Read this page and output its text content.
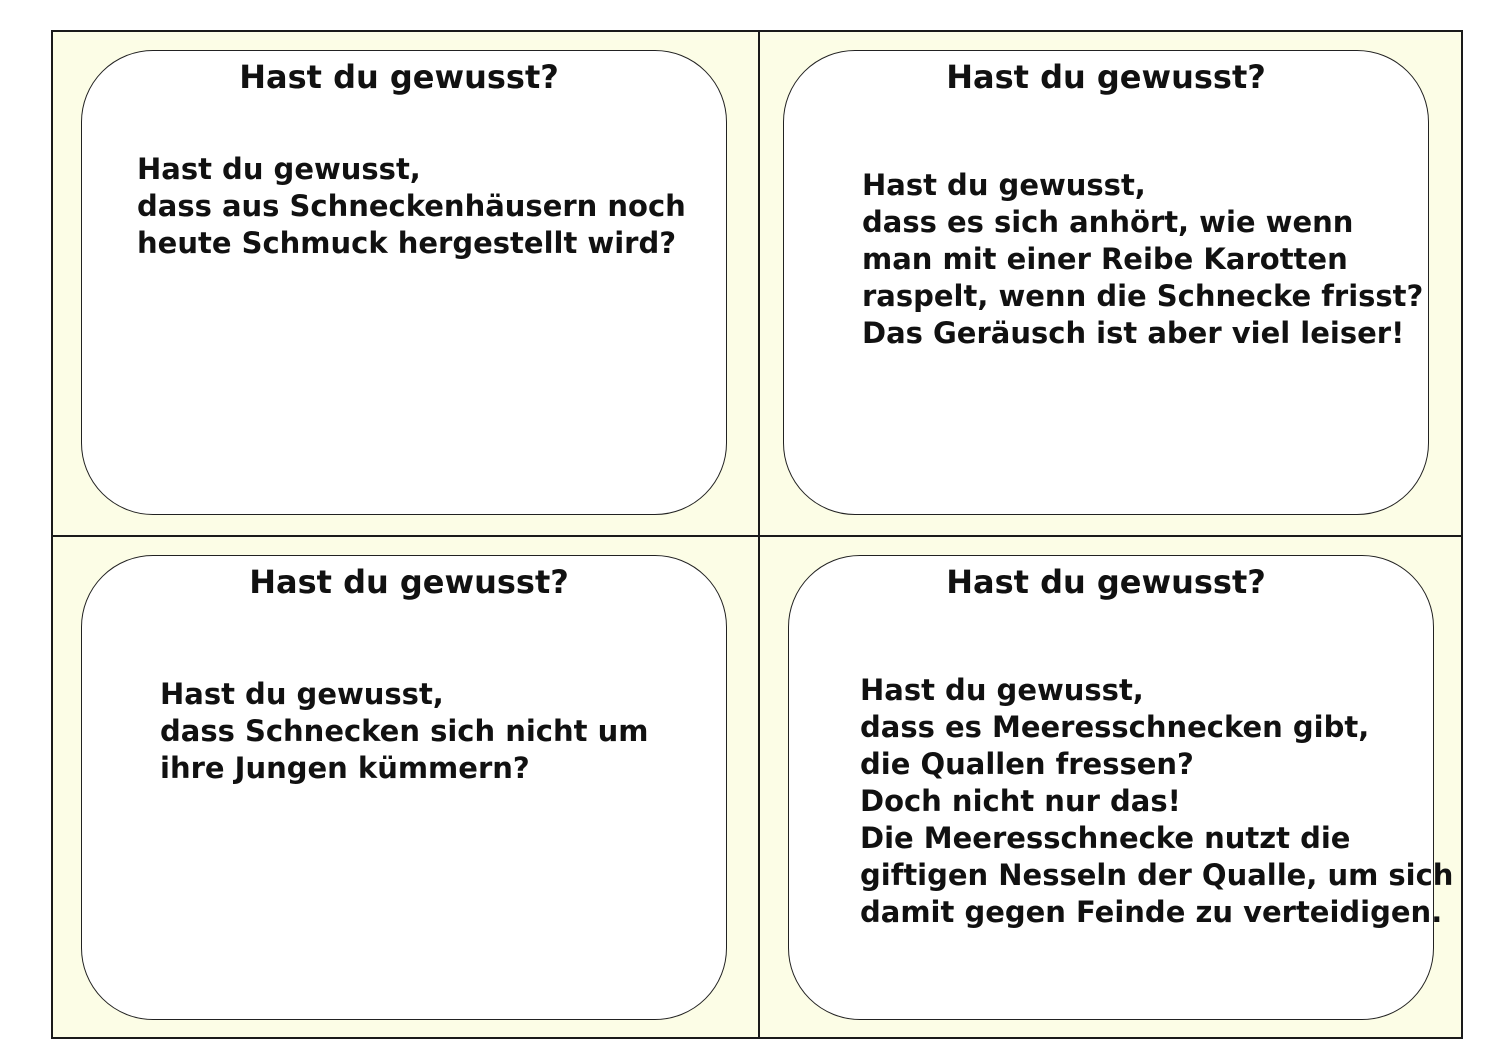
Hast du gewusst?
Hast du gewusst,
dass aus Schneckenhäusern noch
heute Schmuck hergestellt wird?
Hast du gewusst?
Hast du gewusst,
dass es sich anhört, wie wenn
man mit einer Reibe Karotten
raspelt, wenn die Schnecke frisst?
Das Geräusch ist aber viel leiser!
Hast du gewusst?
Hast du gewusst,
dass Schnecken sich nicht um
ihre Jungen kümmern?
Hast du gewusst?
Hast du gewusst,
dass es Meeresschnecken gibt,
die Quallen fressen?
Doch nicht nur das!
Die Meeresschnecke nutzt die
giftigen Nesseln der Qualle, um sich
damit gegen Feinde zu verteidigen.
